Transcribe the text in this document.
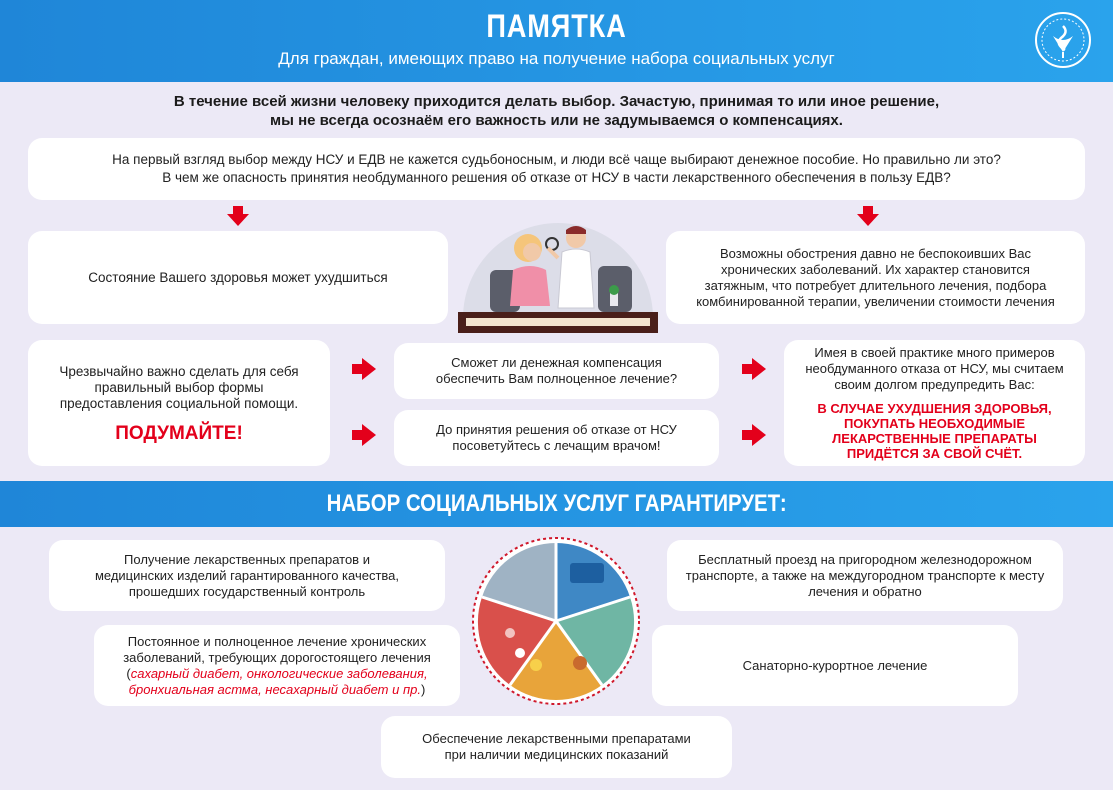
ПАМЯТКА
Для граждан, имеющих право на получение набора социальных услуг
В течение всей жизни человеку приходится делать выбор. Зачастую, принимая то или иное решение,
мы не всегда осознаём его важность или не задумываемся о компенсациях.
На первый взгляд выбор между НСУ и ЕДВ не кажется судьбоносным, и люди всё чаще выбирают денежное пособие. Но правильно ли это?
В чем же опасность принятия необдуманного решения об отказе от НСУ в части лекарственного обеспечения в пользу ЕДВ?
Состояние Вашего здоровья может ухудшиться
Возможны обострения давно не беспокоивших Вас хронических заболеваний. Их характер становится затяжным, что потребует длительного лечения, подбора комбинированной терапии, увеличении стоимости лечения
Чрезвычайно важно сделать для себя правильный выбор формы предоставления социальной помощи.
ПОДУМАЙТЕ!
Сможет ли денежная компенсация обеспечить Вам полноценное лечение?
До принятия решения об отказе от НСУ посоветуйтесь с лечащим врачом!
Имея в своей практике много примеров необдуманного отказа от НСУ, мы считаем своим долгом предупредить Вас:
В СЛУЧАЕ УХУДШЕНИЯ ЗДОРОВЬЯ, ПОКУПАТЬ НЕОБХОДИМЫЕ ЛЕКАРСТВЕННЫЕ ПРЕПАРАТЫ ПРИДЁТСЯ ЗА СВОЙ СЧЁТ.
НАБОР СОЦИАЛЬНЫХ УСЛУГ ГАРАНТИРУЕТ:
Получение лекарственных препаратов и медицинских изделий гарантированного качества, прошедших государственный контроль
Постоянное и полноценное лечение хронических заболеваний, требующих дорогостоящего лечения
(сахарный диабет, онкологические заболевания, бронхиальная астма, несахарный диабет и пр.)
Бесплатный проезд на пригородном железнодорожном транспорте, а также на междугородном транспорте к месту лечения и обратно
Санаторно-курортное лечение
Обеспечение лекарственными препаратами при наличии медицинских показаний
